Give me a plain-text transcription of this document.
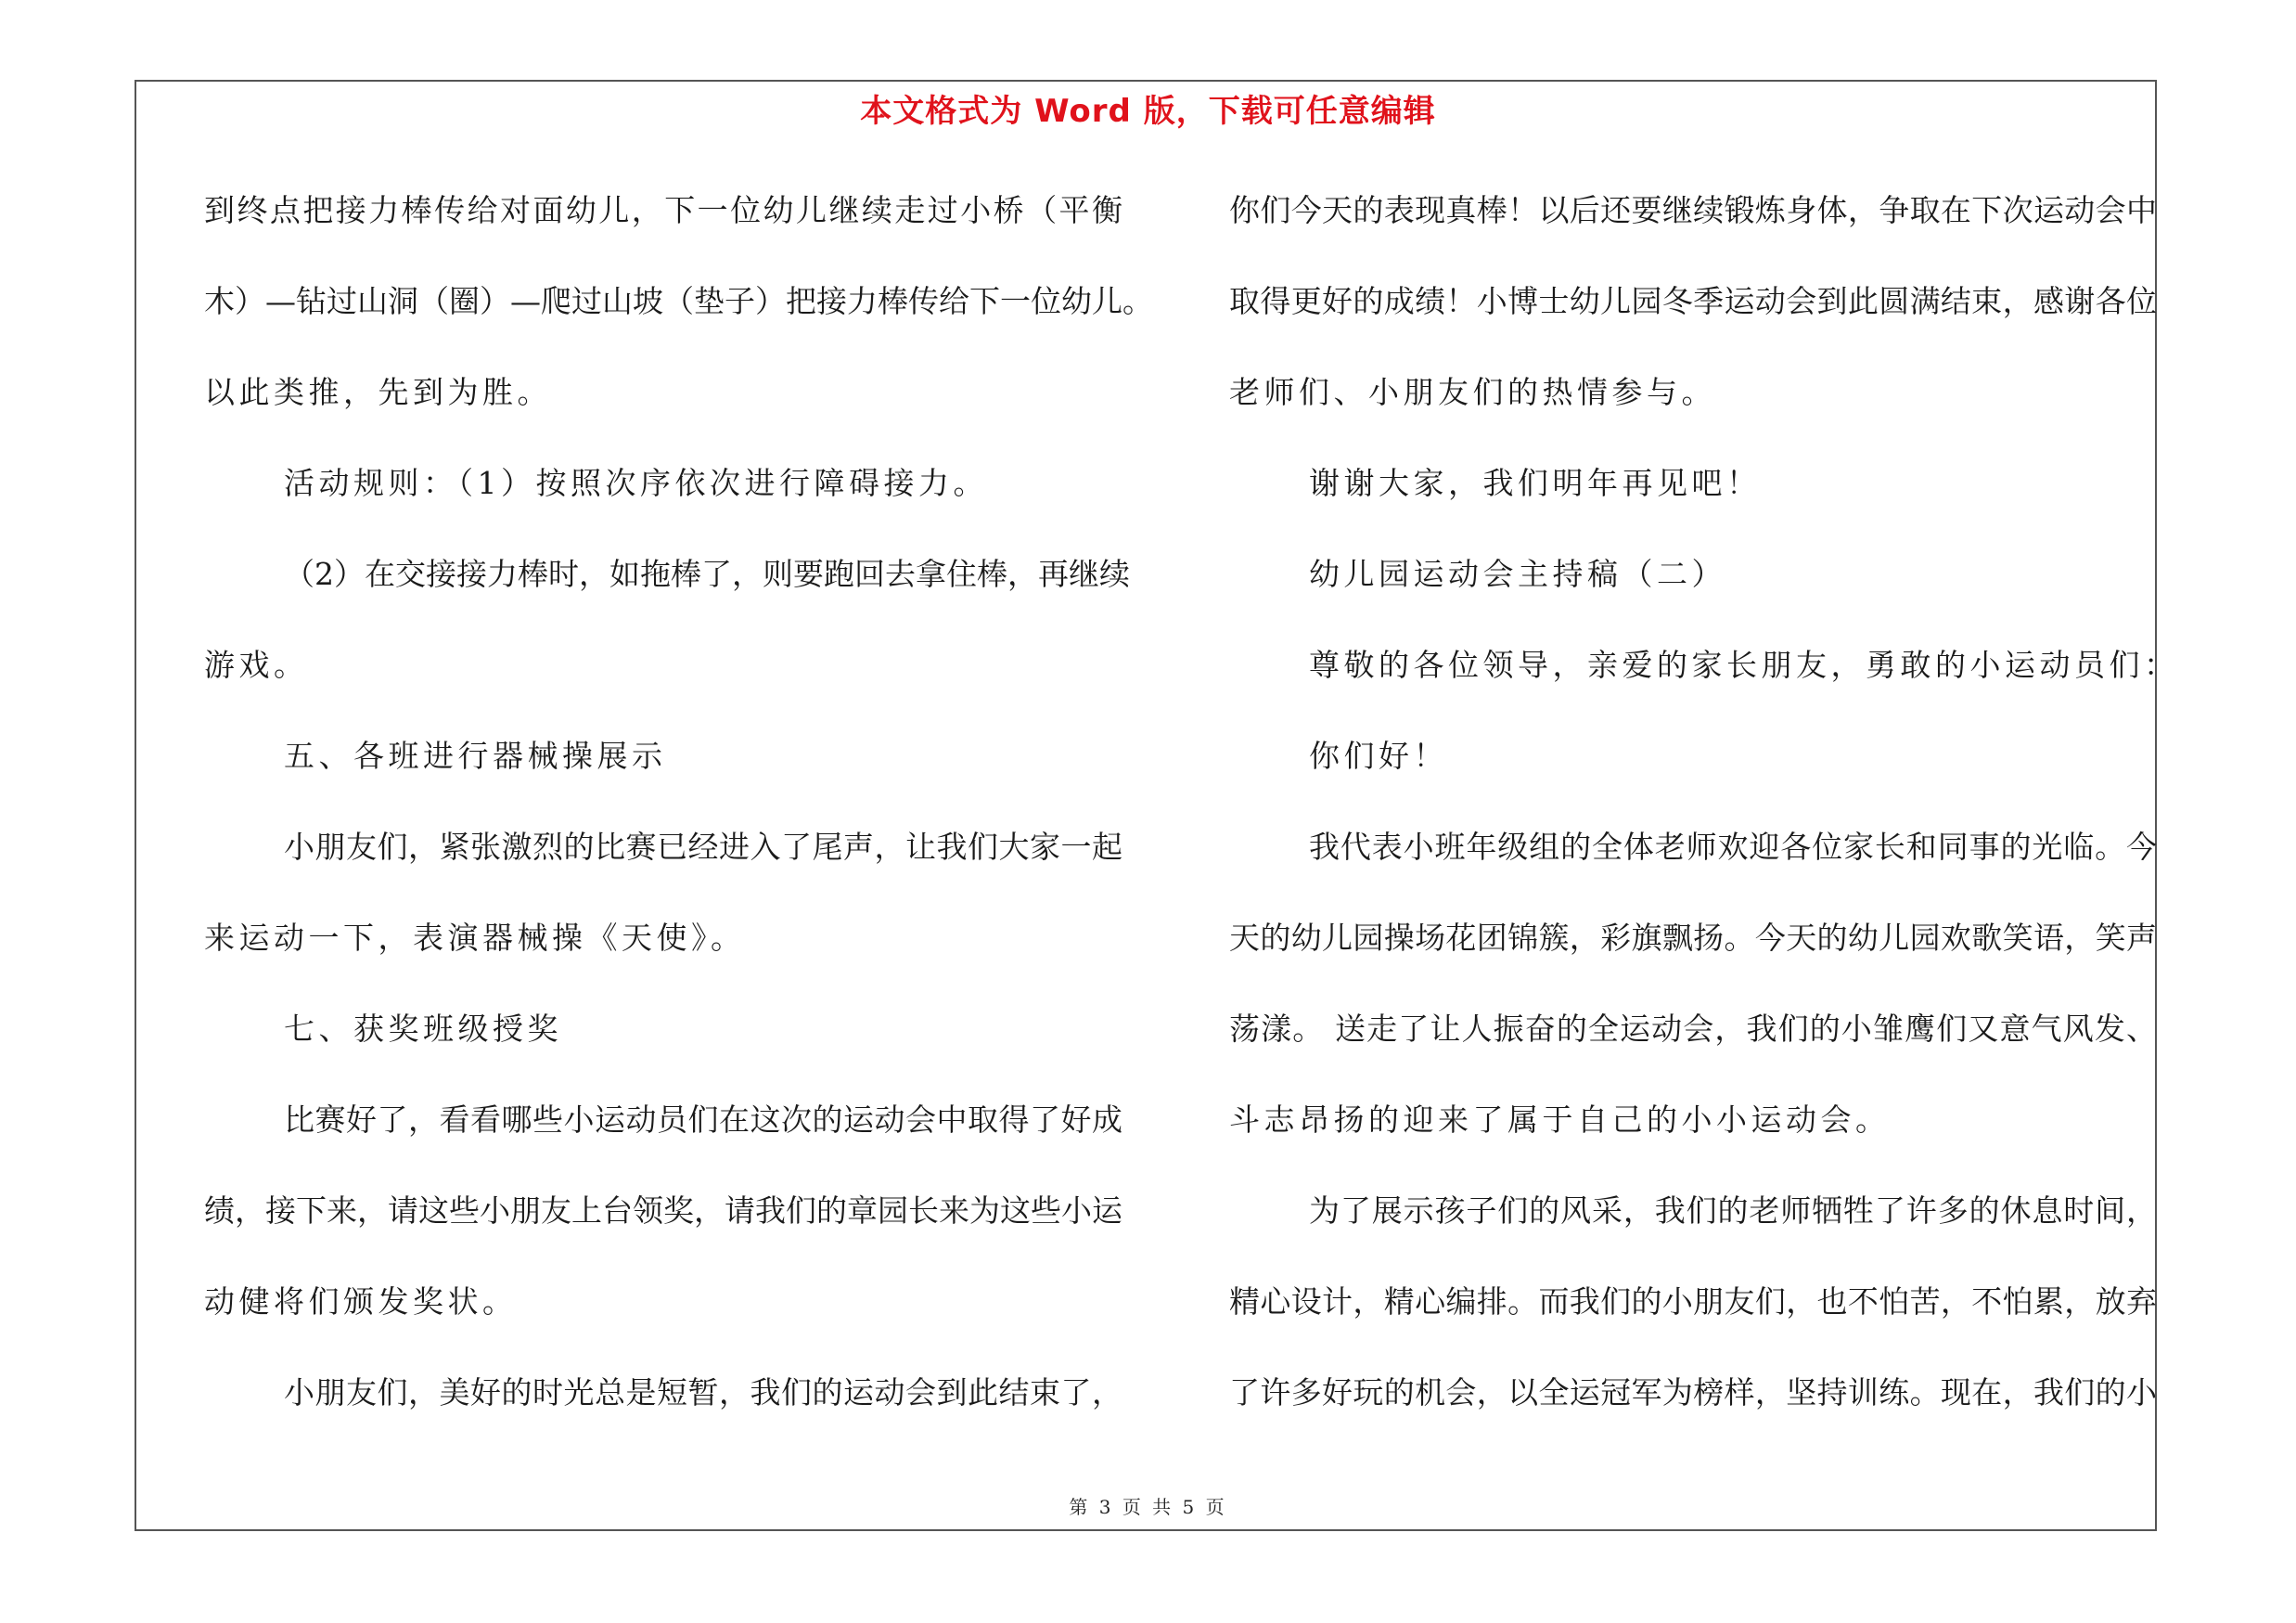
本文格式为 Word 版，下载可任意编辑
到终点把接力棒传给对面幼儿，下一位幼儿继续走过小桥（平衡
木）—钻过山洞（圈）—爬过山坡（垫子）把接力棒传给下一位幼儿。
以此类推，先到为胜。
活动规则：（1）按照次序依次进行障碍接力。
（2）在交接接力棒时，如拖棒了，则要跑回去拿住棒，再继续
游戏。
五、各班进行器械操展示
小朋友们，紧张激烈的比赛已经进入了尾声，让我们大家一起
来运动一下，表演器械操《天使》。
七、获奖班级授奖
比赛好了，看看哪些小运动员们在这次的运动会中取得了好成
绩，接下来，请这些小朋友上台领奖，请我们的章园长来为这些小运
动健将们颁发奖状。
小朋友们，美好的时光总是短暂，我们的运动会到此结束了，
你们今天的表现真棒！以后还要继续锻炼身体，争取在下次运动会中
取得更好的成绩！小博士幼儿园冬季运动会到此圆满结束，感谢各位
老师们、小朋友们的热情参与。
谢谢大家，我们明年再见吧！
幼儿园运动会主持稿（二）
尊敬的各位领导，亲爱的家长朋友，勇敢的小运动员们：
你们好！
我代表小班年级组的全体老师欢迎各位家长和同事的光临。今
天的幼儿园操场花团锦簇，彩旗飘扬。今天的幼儿园欢歌笑语，笑声
荡漾。 送走了让人振奋的全运动会，我们的小雏鹰们又意气风发、
斗志昂扬的迎来了属于自己的小小运动会。
为了展示孩子们的风采，我们的老师牺牲了许多的休息时间，
精心设计，精心编排。而我们的小朋友们，也不怕苦，不怕累，放弃
了许多好玩的机会，以全运冠军为榜样，坚持训练。现在，我们的小
第 3 页 共 5 页
